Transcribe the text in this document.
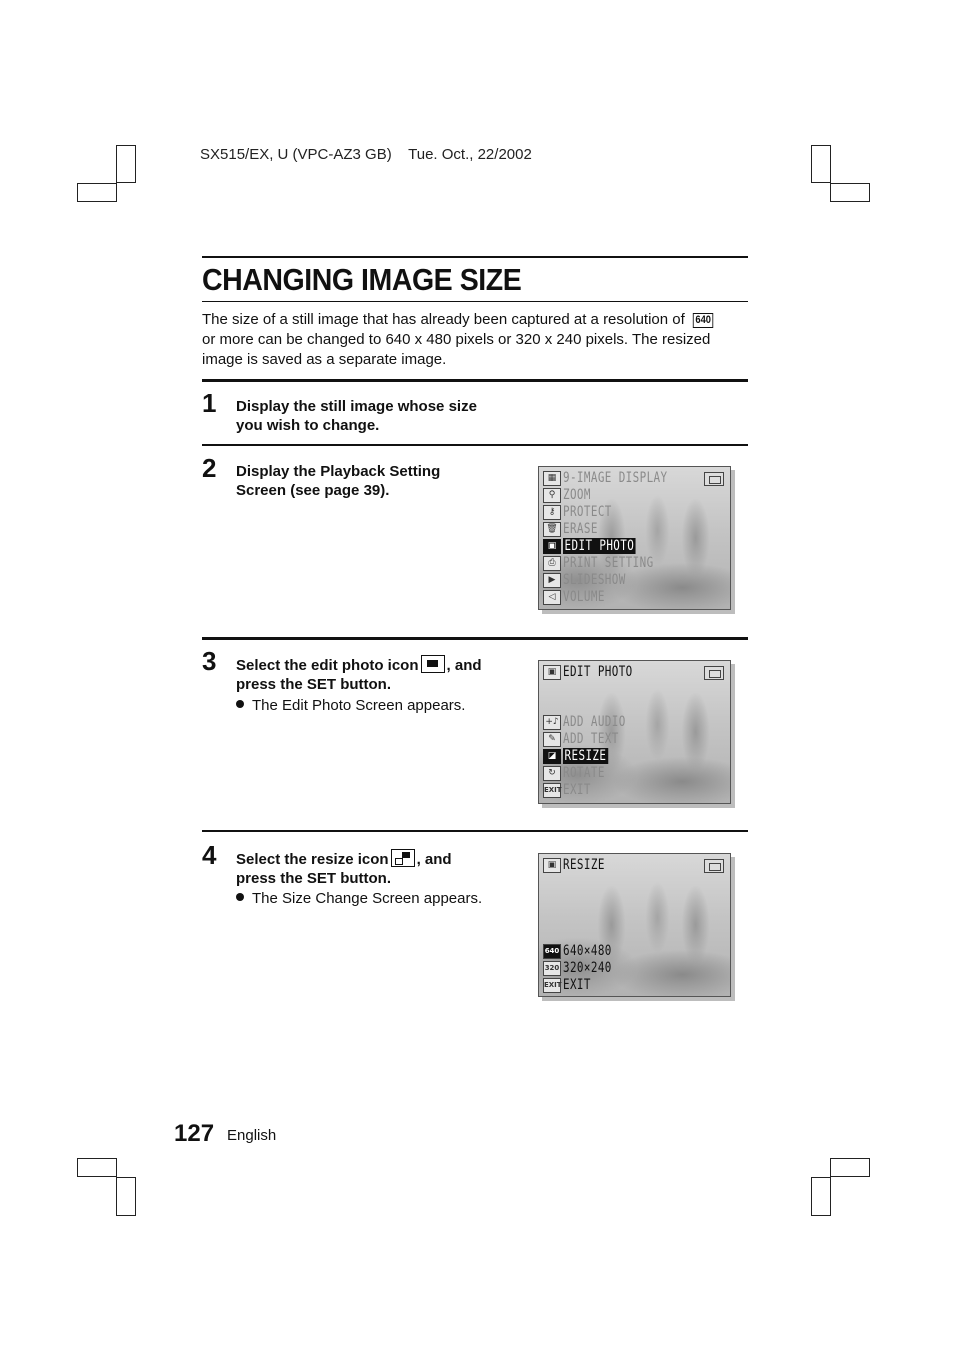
SX515/EX, U (VPC-AZ3 GB)    Tue. Oct., 22/2002
CHANGING IMAGE SIZE
The size of a still image that has already been captured at a resolution of 640
or more can be changed to 640 x 480 pixels or 320 x 240 pixels. The resized
image is saved as a separate image.
1 Display the still image whose size
you wish to change.
2 Display the Playback Setting
Screen (see page 39).
▦ 9-IMAGE DISPLAY
⚲ ZOOM
⚷ PROTECT
🗑 ERASE
▣ EDIT PHOTO
⎙ PRINT SETTING
▶ SLIDESHOW
◁ VOLUME
3 Select the edit photo icon , and
press the SET button.
The Edit Photo Screen appears.
▣ EDIT PHOTO
+♪ ADD AUDIO
✎ ADD TEXT
◪ RESIZE
↻ ROTATE
EXIT EXIT
4 Select the resize icon , and
press the SET button.
The Size Change Screen appears.
▣ RESIZE
640 640×480
320 320×240
EXIT EXIT
127 English
